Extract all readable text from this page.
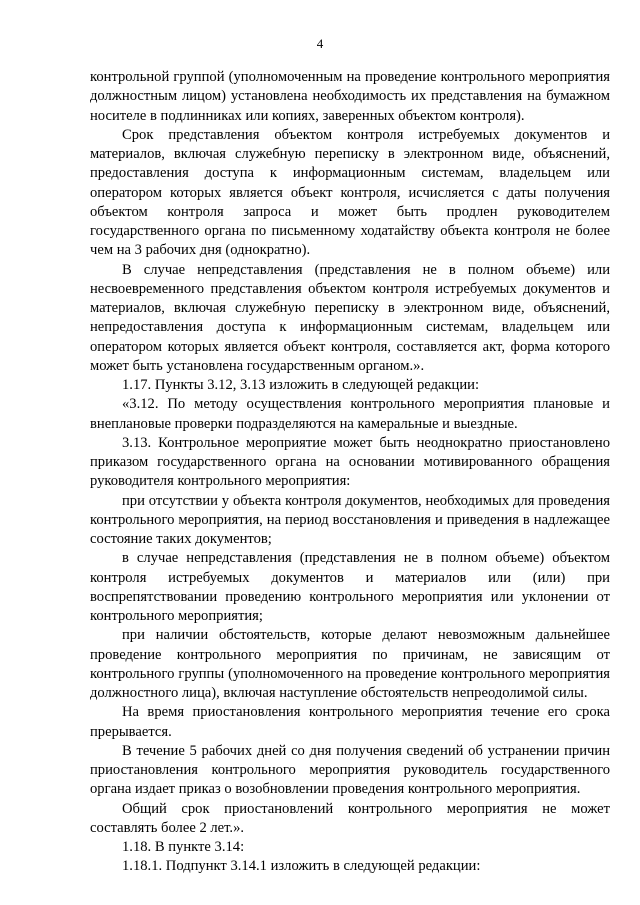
4

контрольной группой (уполномоченным на проведение контрольного мероприятия должностным лицом) установлена необходимость их представления на бумажном носителе в подлинниках или копиях, заверенных объектом контроля).

Срок представления объектом контроля истребуемых документов и материалов, включая служебную переписку в электронном виде, объяснений, предоставления доступа к информационным системам, владельцем или оператором которых является объект контроля, исчисляется с даты получения объектом контроля запроса и может быть продлен руководителем государственного органа по письменному ходатайству объекта контроля не более чем на 3 рабочих дня (однократно).

В случае непредставления (представления не в полном объеме) или несвоевременного представления объектом контроля истребуемых документов и материалов, включая служебную переписку в электронном виде, объяснений, непредоставления доступа к информационным системам, владельцем или оператором которых является объект контроля, составляется акт, форма которого может быть установлена государственным органом.».

1.17. Пункты 3.12, 3.13 изложить в следующей редакции:

«3.12. По методу осуществления контрольного мероприятия плановые и внеплановые проверки подразделяются на камеральные и выездные.

3.13. Контрольное мероприятие может быть неоднократно приостановлено приказом государственного органа на основании мотивированного обращения руководителя контрольного мероприятия:

при отсутствии у объекта контроля документов, необходимых для проведения контрольного мероприятия, на период восстановления и приведения в надлежащее состояние таких документов;

в случае непредставления (представления не в полном объеме) объектом контроля истребуемых документов и материалов или (или) при воспрепятствовании проведению контрольного мероприятия или уклонении от контрольного мероприятия;

при наличии обстоятельств, которые делают невозможным дальнейшее проведение контрольного мероприятия по причинам, не зависящим от контрольного группы (уполномоченного на проведение контрольного мероприятия должностного лица), включая наступление обстоятельств непреодолимой силы.

На время приостановления контрольного мероприятия течение его срока прерывается.

В течение 5 рабочих дней со дня получения сведений об устранении причин приостановления контрольного мероприятия руководитель государственного органа издает приказ о возобновлении проведения контрольного мероприятия.

Общий срок приостановлений контрольного мероприятия не может составлять более 2 лет.».

1.18. В пункте 3.14:

1.18.1. Подпункт 3.14.1 изложить в следующей редакции:
